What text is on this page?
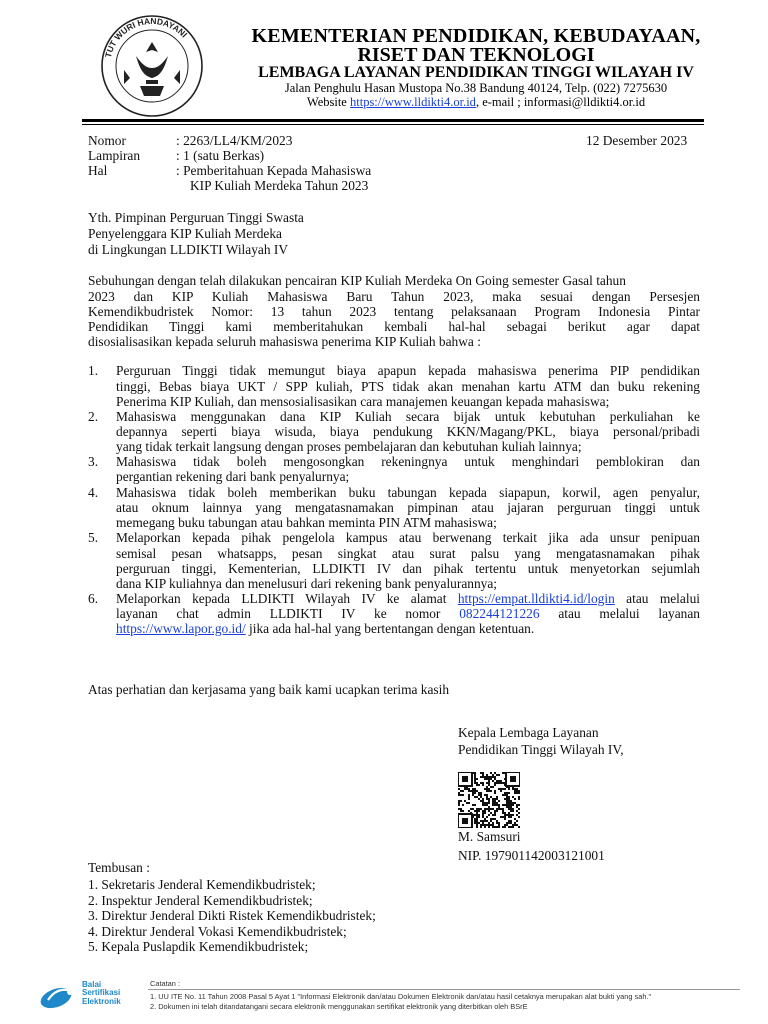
TUT WURI HANDAYANI	KEMENTERIAN PENDIDIKAN, KEBUDAYAAN,
RISET DAN TEKNOLOGI
LEMBAGA LAYANAN PENDIDIKAN TINGGI WILAYAH IV
Jalan Penghulu Hasan Mustopa No.38 Bandung 40124, Telp. (022) 7275630
Website https://www.lldikti4.or.id, e-mail ; informasi@lldikti4.or.id
Nomor	: 2263/LL4/KM/2023	12 Desember 2023
Lampiran	: 1 (satu Berkas)
Hal	: Pemberitahuan Kepada Mahasiswa
KIP Kuliah Merdeka Tahun 2023
Yth. Pimpinan Perguruan Tinggi Swasta
Penyelenggara KIP Kuliah Merdeka
di Lingkungan LLDIKTI Wilayah IV
Sebuhungan dengan telah dilakukan pencairan KIP Kuliah Merdeka On Going semester Gasal tahun
2023 dan KIP Kuliah Mahasiswa Baru Tahun 2023, maka sesuai dengan Persesjen
Kemendikbudristek Nomor: 13 tahun 2023 tentang pelaksanaan Program Indonesia Pintar
Pendidikan Tinggi kami memberitahukan kembali hal-hal sebagai berikut agar dapat
disosialisasikan kepada seluruh mahasiswa penerima KIP Kuliah bahwa :
1. Perguruan Tinggi tidak memungut biaya apapun kepada mahasiswa penerima PIP pendidikan
tinggi, Bebas biaya UKT / SPP kuliah, PTS tidak akan menahan kartu ATM dan buku rekening
Penerima KIP Kuliah, dan mensosialisasikan cara manajemen keuangan kepada mahasiswa;
2. Mahasiswa menggunakan dana KIP Kuliah secara bijak untuk kebutuhan perkuliahan ke
depannya seperti biaya wisuda, biaya pendukung KKN/Magang/PKL, biaya personal/pribadi
yang tidak terkait langsung dengan proses pembelajaran dan kebutuhan kuliah lainnya;
3. Mahasiswa tidak boleh mengosongkan rekeningnya untuk menghindari pemblokiran dan
pergantian rekening dari bank penyalurnya;
4. Mahasiswa tidak boleh memberikan buku tabungan kepada siapapun, korwil, agen penyalur,
atau oknum lainnya yang mengatasnamakan pimpinan atau jajaran perguruan tinggi untuk
memegang buku tabungan atau bahkan meminta PIN ATM mahasiswa;
5. Melaporkan kepada pihak pengelola kampus atau berwenang terkait jika ada unsur penipuan
semisal pesan whatsapps, pesan singkat atau surat palsu yang mengatasnamakan pihak
perguruan tinggi, Kementerian, LLDIKTI IV dan pihak tertentu untuk menyetorkan sejumlah
dana KIP kuliahnya dan menelusuri dari rekening bank penyalurannya;
6. Melaporkan kepada LLDIKTI Wilayah IV ke alamat https://empat.lldikti4.id/login atau melalui
layanan chat admin LLDIKTI IV ke nomor 082244121226 atau melalui layanan
https://www.lapor.go.id/ jika ada hal-hal yang bertentangan dengan ketentuan.
Atas perhatian dan kerjasama yang baik kami ucapkan terima kasih
Kepala Lembaga Layanan
Pendidikan Tinggi Wilayah IV,
M. Samsuri
NIP. 197901142003121001
Tembusan :
1. Sekretaris Jenderal Kemendikbudristek;
2. Inspektur Jenderal Kemendikbudristek;
3. Direktur Jenderal Dikti Ristek Kemendikbudristek;
4. Direktur Jenderal Vokasi Kemendikbudristek;
5. Kepala Puslapdik Kemendikbudristek;
Balai
Sertifikasi
Elektronik
Catatan :
1. UU ITE No. 11 Tahun 2008 Pasal 5 Ayat 1 "Informasi Elektronik dan/atau Dokumen Elektronik dan/atau hasil cetaknya merupakan alat bukti yang sah."
2. Dokumen ini telah ditandatangani secara elektronik menggunakan sertifikat elektronik yang diterbitkan oleh BSrE
